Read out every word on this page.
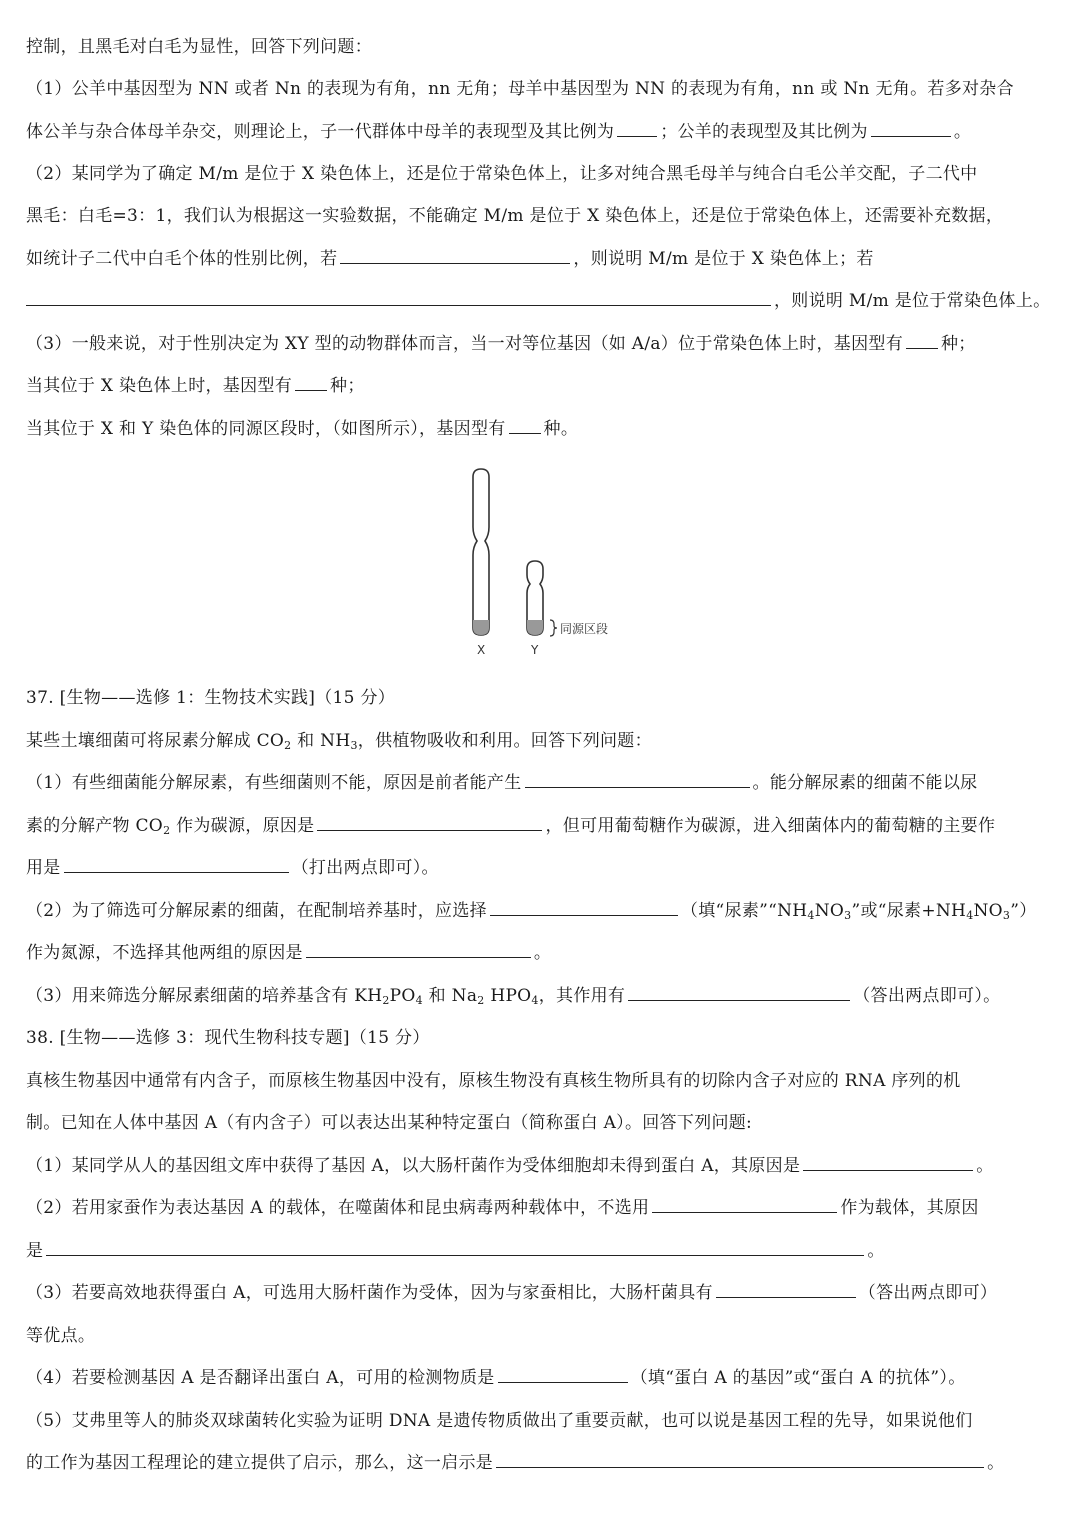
控制，且黑毛对白毛为显性，回答下列问题：
（1）公羊中基因型为 NN 或者 Nn 的表现为有角，nn 无角；母羊中基因型为 NN 的表现为有角，nn 或 Nn 无角。若多对杂合
体公羊与杂合体母羊杂交，则理论上，子一代群体中母羊的表现型及其比例为	；公羊的表现型及其比例为	。
（2）某同学为了确定 M/m 是位于 X 染色体上，还是位于常染色体上，让多对纯合黑毛母羊与纯合白毛公羊交配，子二代中
黑毛：白毛=3：1，我们认为根据这一实验数据，不能确定 M/m 是位于 X 染色体上，还是位于常染色体上，还需要补充数据，
如统计子二代中白毛个体的性别比例，若	，则说明 M/m 是位于 X 染色体上；若
，则说明 M/m 是位于常染色体上。
（3）一般来说，对于性别决定为 XY 型的动物群体而言，当一对等位基因（如 A/a）位于常染色体上时，基因型有 种；
当其位于 X 染色体上时，基因型有 种；
当其位于 X 和 Y 染色体的同源区段时，（如图所示），基因型有 种。
同源区段
X	Y
37. [生物——选修 1：生物技术实践]（15 分）
某些土壤细菌可将尿素分解成 $CO_2$ 和 $NH_3$，供植物吸收和利用。回答下列问题：
（1）有些细菌能分解尿素，有些细菌则不能，原因是前者能产生	。能分解尿素的细菌不能以尿
素的分解产物 $CO_2$ 作为碳源，原因是	，但可用葡萄糖作为碳源，进入细菌体内的葡萄糖的主要作
用是	（打出两点即可）。
（2）为了筛选可分解尿素的细菌，在配制培养基时，应选择	（填“尿素$”“NH_4NO_3$”或“尿素$+NH_4NO_3$”）
作为氮源，不选择其他两组的原因是	。
（3）用来筛选分解尿素细菌的培养基含有 $KH_2PO_4$ 和 $Na_2$ $HPO_4$，其作用有	（答出两点即可）。
38. [生物——选修 3：现代生物科技专题]（15 分）
真核生物基因中通常有内含子，而原核生物基因中没有，原核生物没有真核生物所具有的切除内含子对应的 RNA 序列的机
制。已知在人体中基因 A（有内含子）可以表达出某种特定蛋白（简称蛋白 A）。回答下列问题:
（1）某同学从人的基因组文库中获得了基因 A，以大肠杆菌作为受体细胞却未得到蛋白 A，其原因是	。
（2）若用家蚕作为表达基因 A 的载体，在噬菌体和昆虫病毒两种载体中，不选用	作为载体，其原因
是	。
（3）若要高效地获得蛋白 A，可选用大肠杆菌作为受体，因为与家蚕相比，大肠杆菌具有	（答出两点即可）
等优点。
（4）若要检测基因 A 是否翻译出蛋白 A，可用的检测物质是	（填“蛋白 A 的基因”或“蛋白 A 的抗体”）。
（5）艾弗里等人的肺炎双球菌转化实验为证明 DNA 是遗传物质做出了重要贡献，也可以说是基因工程的先导，如果说他们
的工作为基因工程理论的建立提供了启示，那么，这一启示是	。
